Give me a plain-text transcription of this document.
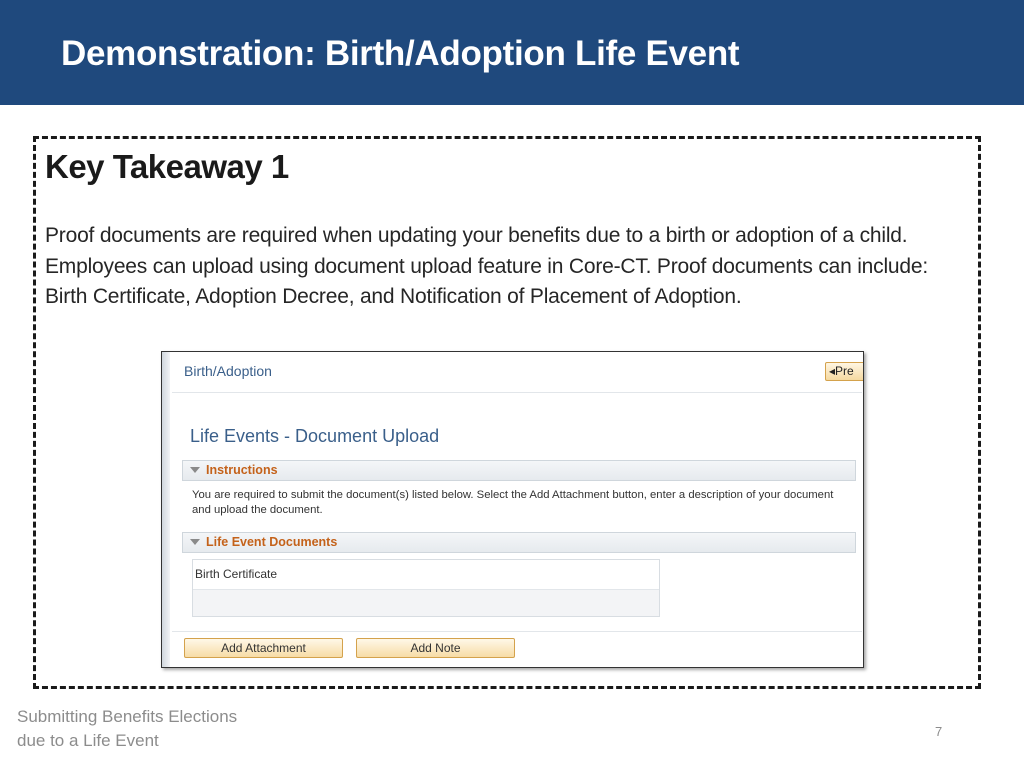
Demonstration: Birth/Adoption Life Event
Key Takeaway 1
Proof documents are required when updating your benefits due to a birth or adoption of a child. Employees can upload using document upload feature in Core-CT. Proof documents can include: Birth Certificate, Adoption Decree, and Notification of Placement of Adoption.
Birth/Adoption	◂Pre
Life Events - Document Upload
Instructions
You are required to submit the document(s) listed below. Select the Add Attachment button, enter a description of your document and upload the document.
Life Event Documents
Birth Certificate
Add Attachment	Add Note
Submitting Benefits Elections
due to a Life Event	7
